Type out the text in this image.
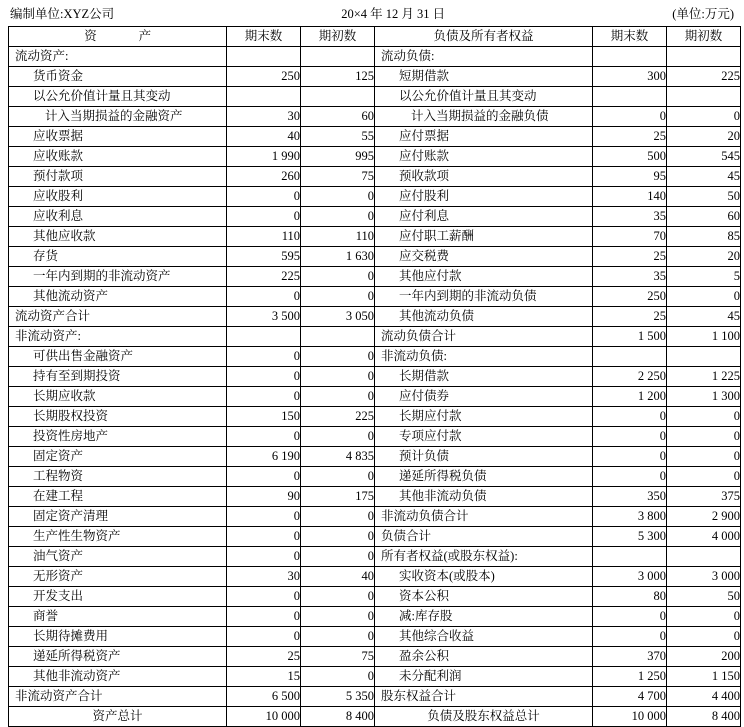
编制单位:XYZ公司	20×4 年 12 月 31 日	(单位:万元)
资　　产	期末数	期初数	负债及所有者权益	期末数	期初数
流动资产:			流动负债:		
货币资金	250	125	短期借款	300	225
以公允价值计量且其变动			以公允价值计量且其变动		
计入当期损益的金融资产	30	60	计入当期损益的金融负债	0	0
应收票据	40	55	应付票据	25	20
应收账款	1 990	995	应付账款	500	545
预付款项	260	75	预收款项	95	45
应收股利	0	0	应付股利	140	50
应收利息	0	0	应付利息	35	60
其他应收款	110	110	应付职工薪酬	70	85
存货	595	1 630	应交税费	25	20
一年内到期的非流动资产	225	0	其他应付款	35	5
其他流动资产	0	0	一年内到期的非流动负债	250	0
流动资产合计	3 500	3 050	其他流动负债	25	45
非流动资产:			流动负债合计	1 500	1 100
可供出售金融资产	0	0	非流动负债:		
持有至到期投资	0	0	长期借款	2 250	1 225
长期应收款	0	0	应付债券	1 200	1 300
长期股权投资	150	225	长期应付款	0	0
投资性房地产	0	0	专项应付款	0	0
固定资产	6 190	4 835	预计负债	0	0
工程物资	0	0	递延所得税负债	0	0
在建工程	90	175	其他非流动负债	350	375
固定资产清理	0	0	非流动负债合计	3 800	2 900
生产性生物资产	0	0	负债合计	5 300	4 000
油气资产	0	0	所有者权益(或股东权益):		
无形资产	30	40	实收资本(或股本)	3 000	3 000
开发支出	0	0	资本公积	80	50
商誉	0	0	减:库存股	0	0
长期待摊费用	0	0	其他综合收益	0	0
递延所得税资产	25	75	盈余公积	370	200
其他非流动资产	15	0	未分配利润	1 250	1 150
非流动资产合计	6 500	5 350	股东权益合计	4 700	4 400
资产总计	10 000	8 400	负债及股东权益总计	10 000	8 400
